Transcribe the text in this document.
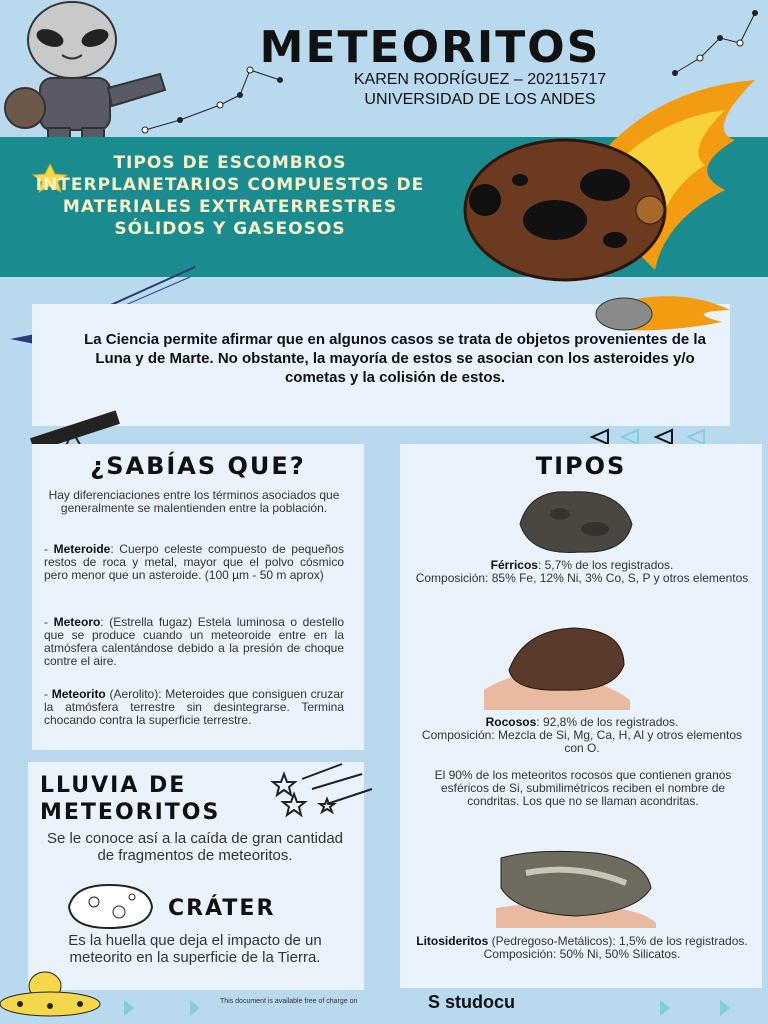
METEORITOS
KAREN RODRÍGUEZ – 202115717
UNIVERSIDAD DE LOS ANDES
TIPOS DE ESCOMBROS INTERPLANETARIOS COMPUESTOS DE MATERIALES EXTRATERRESTRES SÓLIDOS Y GASEOSOS
La Ciencia permite afirmar que en algunos casos se trata de objetos provenientes de la Luna y de Marte. No obstante, la mayoría de estos se asocian con los asteroides y/o cometas y la colisión de estos.
¿SABÍAS QUE?
Hay diferenciaciones entre los términos asociados que generalmente se malentienden entre la población.
- Meteroide: Cuerpo celeste compuesto de pequeños restos de roca y metal, mayor que el polvo cósmico pero menor que un asteroide. (100 µm - 50 m aprox)
- Meteoro: (Estrella fugaz) Estela luminosa o destello que se produce cuando un meteoroide entre en la atmósfera calentándose debido a la presión de choque contre el aire.
- Meteorito (Aerolito): Meteroides que consiguen cruzar la atmósfera terrestre sin desintegrarse. Termina chocando contra la superficie terrestre.
TIPOS
Férricos: 5,7% de los registrados.
Composición: 85% Fe, 12% Ni, 3% Co, S, P y otros elementos
Rocosos: 92,8% de los registrados.
Composición: Mezcla de Si, Mg, Ca, H, Al y otros elementos con O.
El 90% de los meteoritos rocosos que contienen granos esféricos de Si, submilimétricos reciben el nombre de condritas. Los que no se llaman acondritas.
Litosideritos (Pedregoso-Metálicos): 1,5% de los registrados.
Composición: 50% Ni, 50% Silicatos.
LLUVIA DE
METEORITOS
Se le conoce así a la caída de gran cantidad de fragmentos de meteoritos.
CRÁTER
Es la huella que deja el impacto de un meteorito en la superficie de la Tierra.
This document is available free of charge on	S studocu
